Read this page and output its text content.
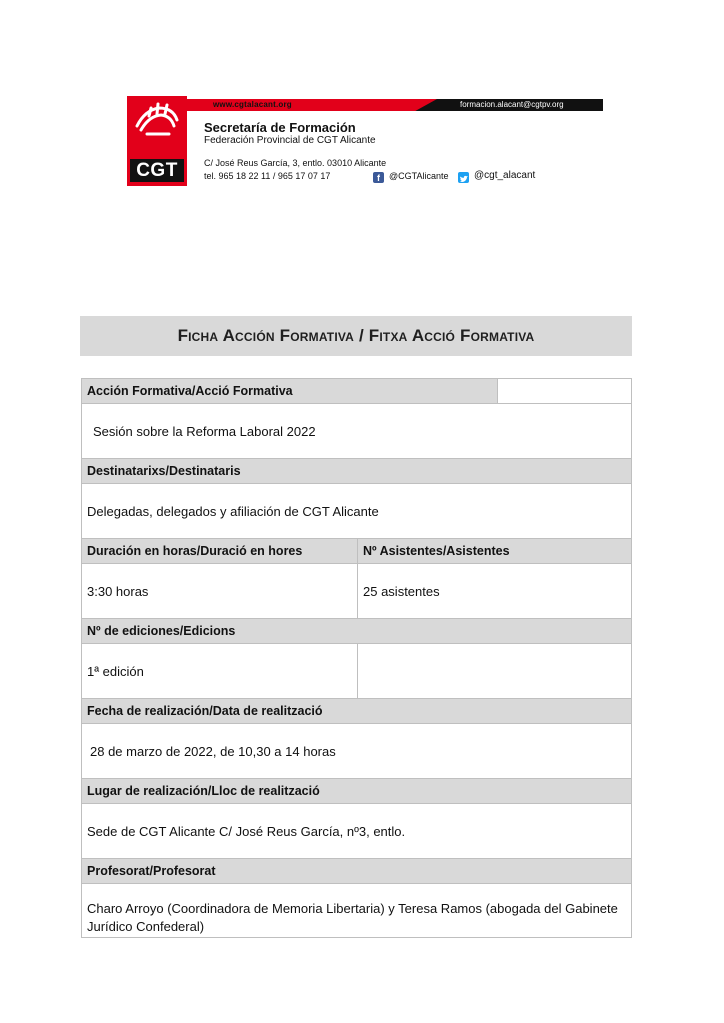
www.cgtalacant.org	formacion.alacant@cgtpv.org
CGT
Secretaría de Formación
Federación Provincial de CGT Alicante
C/ José Reus García, 3, entlo. 03010 Alicante
tel. 965 18 22 11 / 965 17 07 17	f	@CGTAlicante	@cgt_alacant
Ficha Acción Formativa / Fitxa Acció Formativa
Acción Formativa/Acció Formativa
Sesión sobre la Reforma Laboral 2022
Destinatarixs/Destinataris
Delegadas, delegados y afiliación de CGT Alicante
Duración en horas/Duració en hores	Nº Asistentes/Asistentes
3:30 horas	25 asistentes
Nº de ediciones/Edicions
1ª edición
Fecha de realización/Data de realització
28 de marzo de 2022, de 10,30 a 14 horas
Lugar de realización/Lloc de realització
Sede de CGT Alicante C/ José Reus García, nº3, entlo.
Profesorat/Profesorat
Charo Arroyo (Coordinadora de Memoria Libertaria) y Teresa Ramos (abogada del Gabinete Jurídico Confederal)
